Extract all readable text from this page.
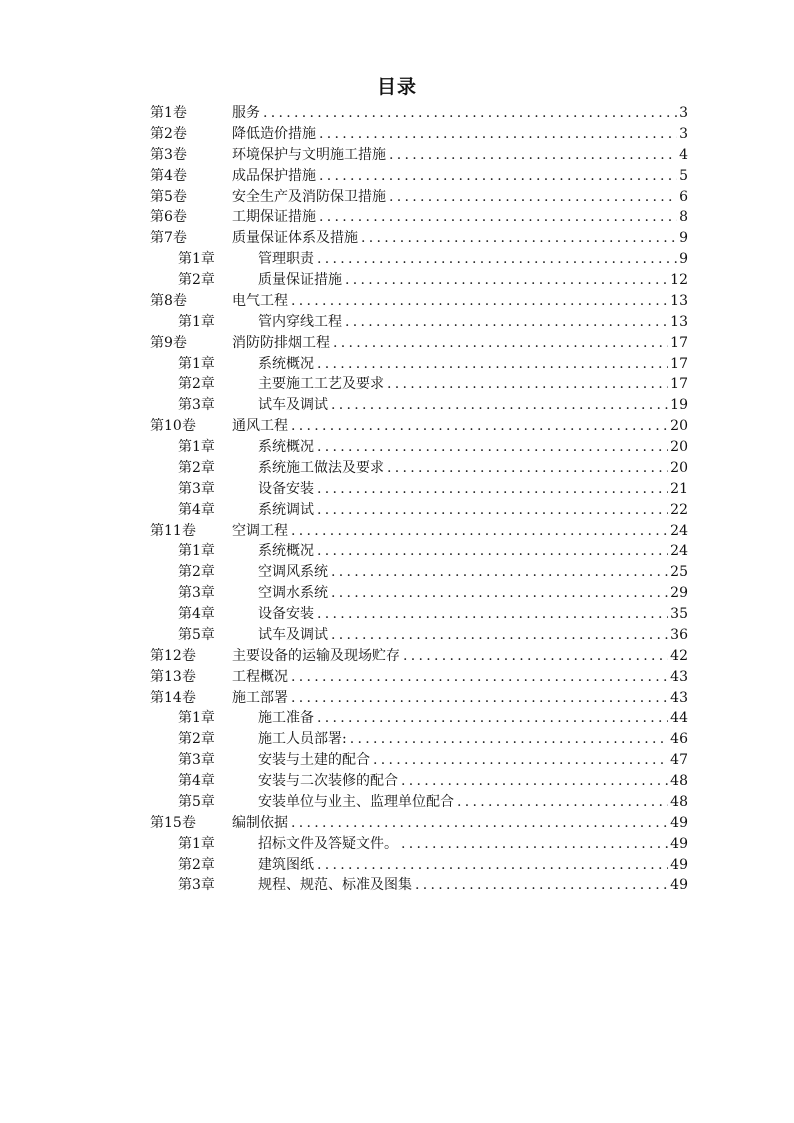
目录
第1卷	服务 .....	3
第2卷	降低造价措施 .....	3
第3卷	环境保护与文明施工措施 .....	4
第4卷	成品保护措施 .....	5
第5卷	安全生产及消防保卫措施 .....	6
第6卷	工期保证措施 .....	8
第7卷	质量保证体系及措施 .....	9
第1章	管理职责 .....	9
第2章	质量保证措施 .....	12
第8卷	电气工程 .....	13
第1章	管内穿线工程 .....	13
第9卷	消防防排烟工程 .....	17
第1章	系统概况 .....	17
第2章	主要施工工艺及要求 .....	17
第3章	试车及调试 .....	19
第10卷	通风工程 .....	20
第1章	系统概况 .....	20
第2章	系统施工做法及要求 .....	20
第3章	设备安装 .....	21
第4章	系统调试 .....	22
第11卷	空调工程 .....	24
第1章	系统概况 .....	24
第2章	空调风系统 .....	25
第3章	空调水系统 .....	29
第4章	设备安装 .....	35
第5章	试车及调试 .....	36
第12卷	主要设备的运输及现场贮存 .....	42
第13卷	工程概况 .....	43
第14卷	施工部署 .....	43
第1章	施工准备 .....	44
第2章	施工人员部署: .....	46
第3章	安装与土建的配合 .....	47
第4章	安装与二次装修的配合 .....	48
第5章	安装单位与业主、监理单位配合 .....	48
第15卷	编制依据 .....	49
第1章	招标文件及答疑文件。 .....	49
第2章	建筑图纸 .....	49
第3章	规程、规范、标准及图集 .....	49
